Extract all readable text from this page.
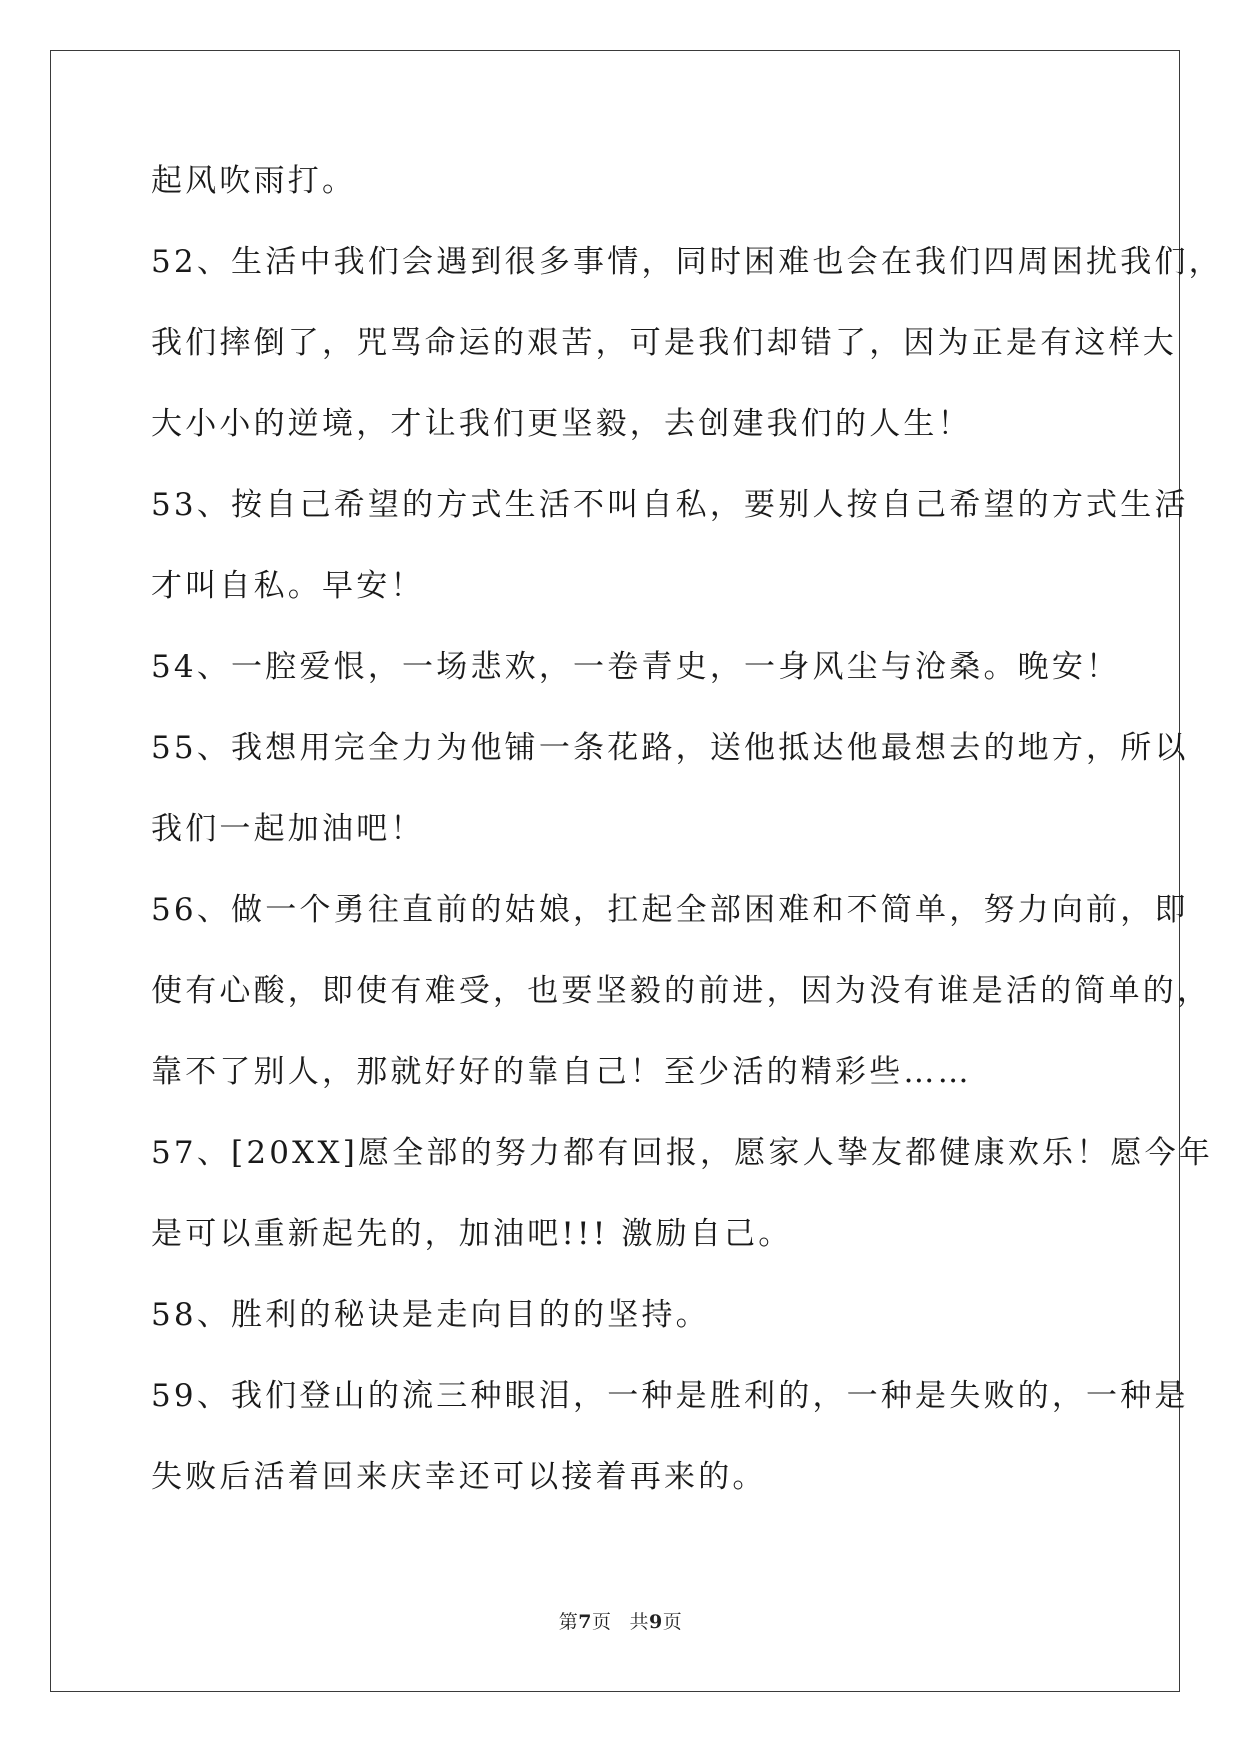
起风吹雨打。
52、生活中我们会遇到很多事情，同时困难也会在我们四周困扰我们，
我们摔倒了，咒骂命运的艰苦，可是我们却错了，因为正是有这样大
大小小的逆境，才让我们更坚毅，去创建我们的人生！
53、按自己希望的方式生活不叫自私，要别人按自己希望的方式生活
才叫自私。早安！
54、一腔爱恨，一场悲欢，一卷青史，一身风尘与沧桑。晚安！
55、我想用完全力为他铺一条花路，送他抵达他最想去的地方，所以
我们一起加油吧！
56、做一个勇往直前的姑娘，扛起全部困难和不简单，努力向前，即
使有心酸，即使有难受，也要坚毅的前进，因为没有谁是活的简单的，
靠不了别人，那就好好的靠自己！至少活的精彩些……
57、[20XX]愿全部的努力都有回报，愿家人挚友都健康欢乐！愿今年
是可以重新起先的，加油吧!!! 激励自己。
58、胜利的秘诀是走向目的的坚持。
59、我们登山的流三种眼泪，一种是胜利的，一种是失败的，一种是
失败后活着回来庆幸还可以接着再来的。
第7页 共9页
